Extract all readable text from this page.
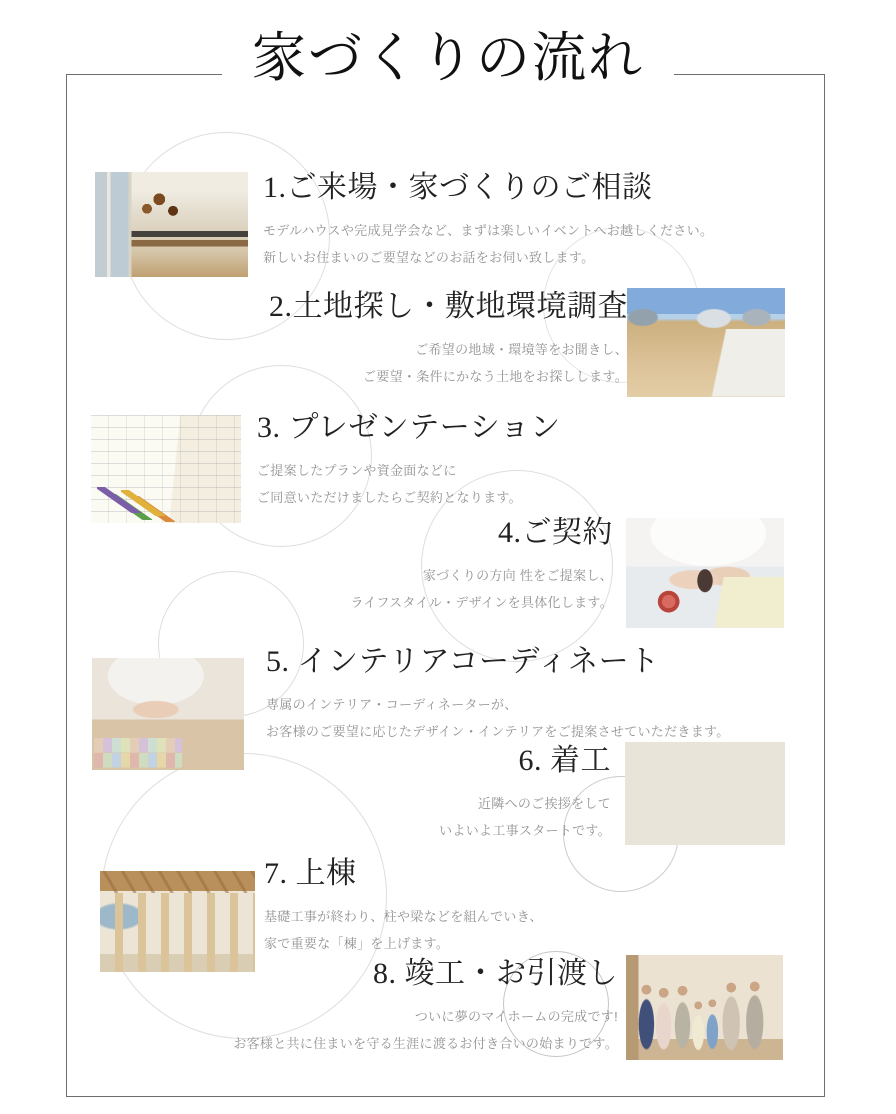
家づくりの流れ
1.ご来場・家づくりのご相談

モデルハウスや完成見学会など、まずは楽しいイベントへお越しください。

新しいお住まいのご要望などのお話をお伺い致します。

2.土地探し・敷地環境調査

ご希望の地域・環境等をお聞きし、

ご要望・条件にかなう土地をお探しします。

3. プレゼンテーション

ご提案したプランや資金面などに

ご同意いただけましたらご契約となります。

4.ご契約

家づくりの方向 性をご提案し、

ライフスタイル・デザインを具体化します。

5. インテリアコーディネート

専属のインテリア・コーディネーターが、

お客様のご要望に応じたデザイン・インテリアをご提案させていただきます。

6. 着工

近隣へのご挨拶をして

いよいよ工事スタートです。

7. 上棟

基礎工事が終わり、柱や梁などを組んでいき、

家で重要な「棟」を上げます。

8. 竣工・お引渡し

ついに夢のマイホームの完成です!

お客様と共に住まいを守る生涯に渡るお付き合いの始まりです。
